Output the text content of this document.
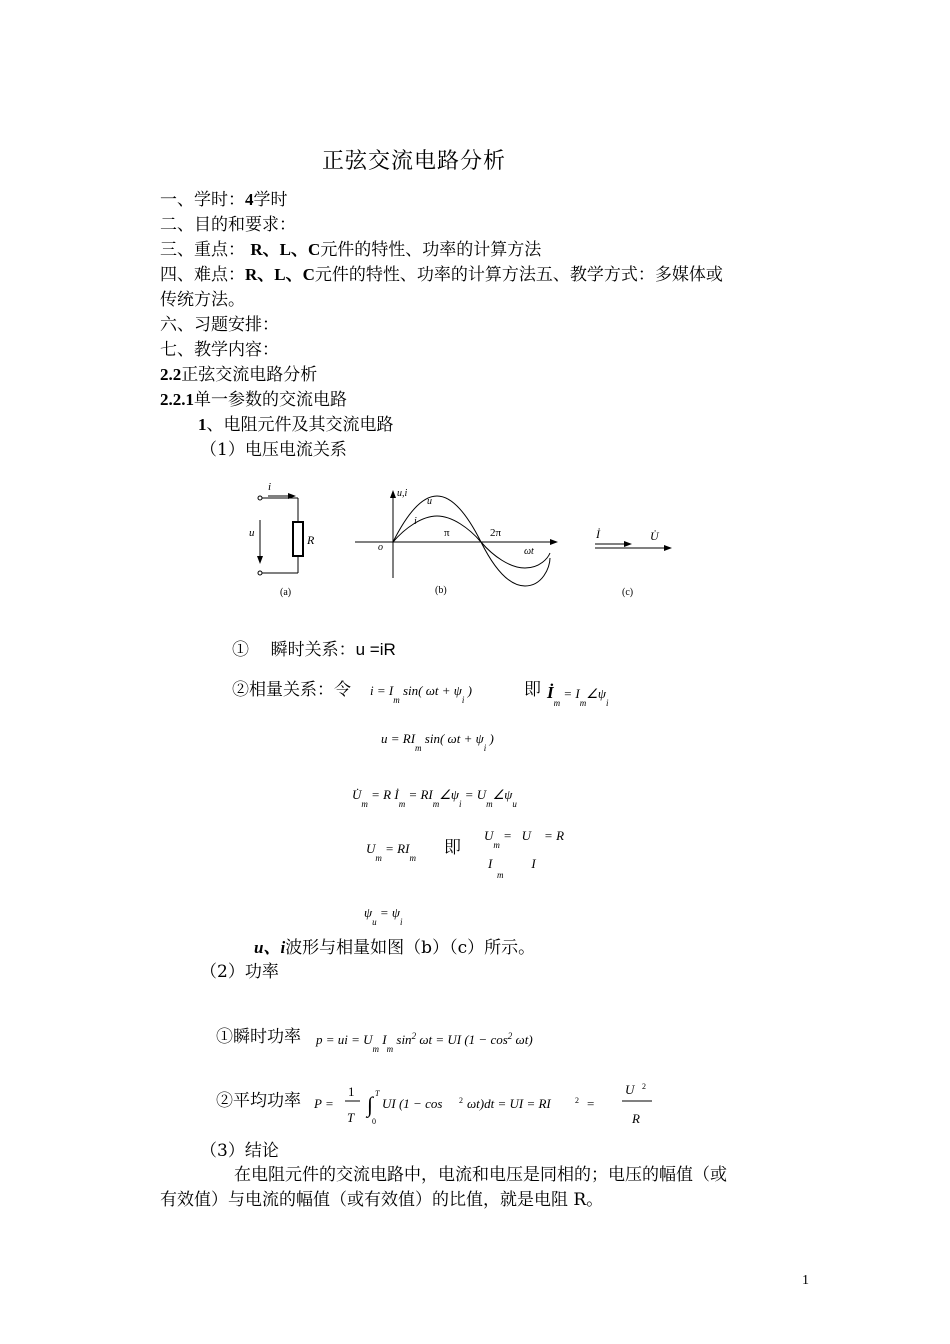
正弦交流电路分析
一、学时：4学时
二、目的和要求：
三、重点： R、L、C元件的特性、功率的计算方法
四、难点：R、L、C元件的特性、功率的计算方法五、教学方式：多媒体或
传统方法。
六、习题安排：
七、教学内容：
2.2正弦交流电路分析
2.2.1单一参数的交流电路
1、电阻元件及其交流电路
（1）电压电流关系
i
u	R
(a)
u,i
u
i
o
π	2π
ωt
(b)
İ	U̇
(c)
① 瞬时关系：u =iR
②相量关系：令 $i = I_m$ sin( $\omega t + \psi_i$ )	即 $İ_m$ = $I_m\angle\psi_i$
$u = RI_m$ sin( $\omega t + \psi_i$ )
$U̇_m = R$ $İ_m$ = $RI_m\angle\psi_i$ = $U_m\angle\psi_u$
$U_m = RI_m$ 即
$U_m = U$    = R
I            I
m
$\psi_u = \psi_i$
u、i波形与相量如图（b）（c）所示。
（2）功率
①瞬时功率 p = ui = $U_m$ $I_m$ $\sin^2 \omega t$ = UI $(1 - \cos^2 \omega t)$
②平均功率 P =
1
T
∫ T
0
UI (1 − cos 2 ωt)dt = UI = RI	2 =
U 2
R
（3）结论
在电阻元件的交流电路中，电流和电压是同相的；电压的幅值（或
有效值）与电流的幅值（或有效值）的比值，就是电阻 R。
1
